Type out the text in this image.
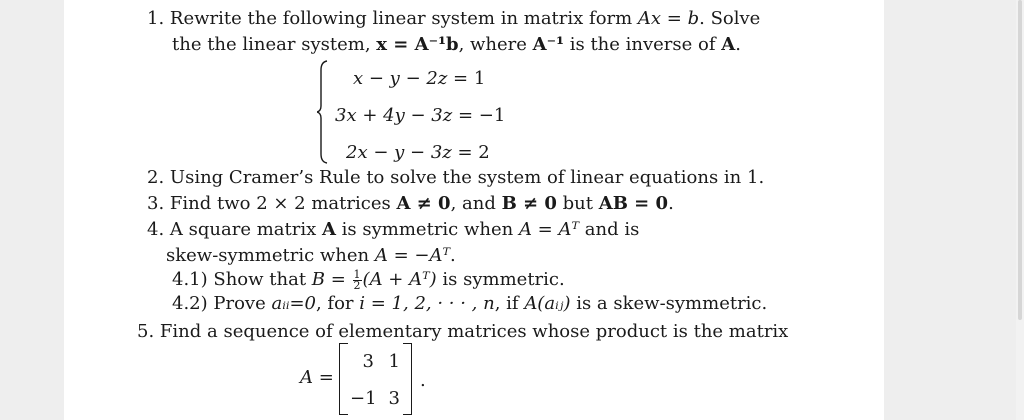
1. Rewrite the following linear system in matrix form Ax = b. Solve
the the linear system, x = A⁻¹b, where A⁻¹ is the inverse of A.
x − y − 2z = 1
3x + 4y − 3z = −1
2x − y − 3z = 2
2. Using Cramer’s Rule to solve the system of linear equations in 1.
3. Find two 2 × 2 matrices A ≠ 0, and B ≠ 0 but AB = 0.
4. A square matrix A is symmetric when A = Aᵀ and is
skew-symmetric when A = −Aᵀ.
4.1) Show that $B = \frac{1}{2} (A$ + Aᵀ) is symmetric.
4.2) Prove aᵢᵢ=0, for i = 1, 2, · · · , n, if A(aᵢⱼ) is a skew-symmetric.
5. Find a sequence of elementary matrices whose product is the matrix
A =
3 1
−1 3
.
